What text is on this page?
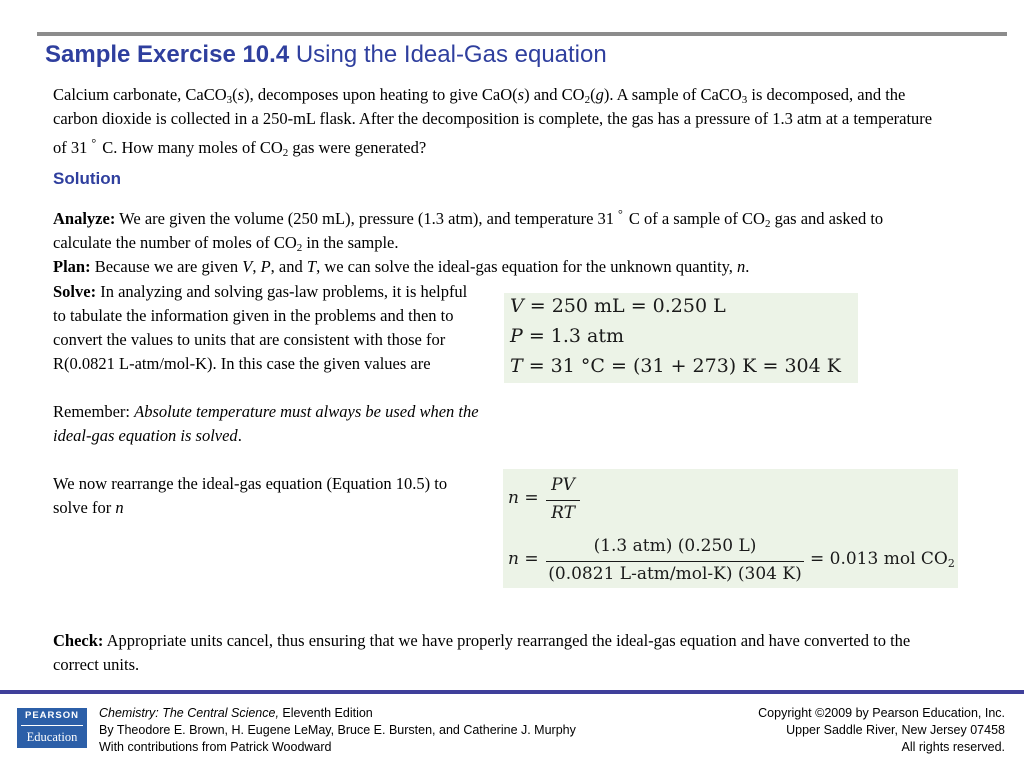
Sample Exercise 10.4 Using the Ideal-Gas equation
Calcium carbonate, CaCO$_3$(s), decomposes upon heating to give CaO(s) and $CO_2(g)$. A sample of CaCO$_3$ is decomposed, and the carbon dioxide is collected in a 250-mL flask. After the decomposition is complete, the gas has a pressure of 1.3 atm at a temperature of 31 ° C. How many moles of $CO_2$ gas were generated?
Solution
Analyze: We are given the volume (250 mL), pressure (1.3 atm), and temperature 31 ° C of a sample of $CO_2$ gas and asked to calculate the number of moles of $CO_2$ in the sample.
Plan: Because we are given V, P, and T, we can solve the ideal-gas equation for the unknown quantity, n.
Solve: In analyzing and solving gas-law problems, it is helpful to tabulate the information given in the problems and then to convert the values to units that are consistent with those for R(0.0821 L-atm/mol-K). In this case the given values are
Remember: Absolute temperature must always be used when the ideal-gas equation is solved.
We now rearrange the ideal-gas equation (Equation 10.5) to solve for n
V = 250 mL = 0.250 L
P = 1.3 atm
T = 31 °C = (31 + 273) K = 304 K
n =
PV
RT
n =
(1.3 atm) (0.250 L)
(0.0821 L-atm/mol-K) (304 K)
= 0.013 mol $CO_2$
Check: Appropriate units cancel, thus ensuring that we have properly rearranged the ideal-gas equation and have converted to the correct units.
PEARSON
Education
Chemistry: The Central Science, Eleventh Edition
By Theodore E. Brown, H. Eugene LeMay, Bruce E. Bursten, and Catherine J. Murphy
With contributions from Patrick Woodward
Copyright ©2009 by Pearson Education, Inc.
Upper Saddle River, New Jersey 07458
All rights reserved.
